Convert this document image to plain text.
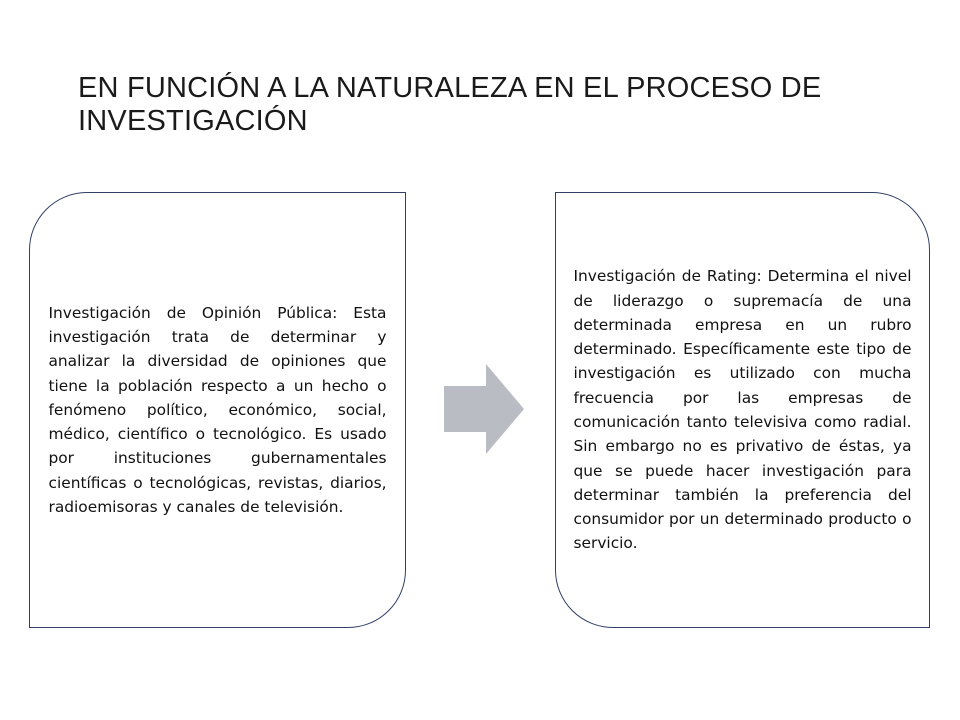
EN FUNCIÓN A LA NATURALEZA EN EL PROCESO DE INVESTIGACIÓN
Investigación de Opinión Pública: Esta investigación trata de determinar y analizar la diversidad de opiniones que tiene la población respecto a un hecho o fenómeno político, económico, social, médico, científico o tecnológico. Es usado por instituciones gubernamentales científicas o tecnológicas, revistas, diarios, radioemisoras y canales de televisión.
Investigación de Rating: Determina el nivel de liderazgo o supremacía de una determinada empresa en un rubro determinado. Específicamente este tipo de investigación es utilizado con mucha frecuencia por las empresas de comunicación tanto televisiva como radial. Sin embargo no es privativo de éstas, ya que se puede hacer investigación para determinar también la preferencia del consumidor por un determinado producto o servicio.
